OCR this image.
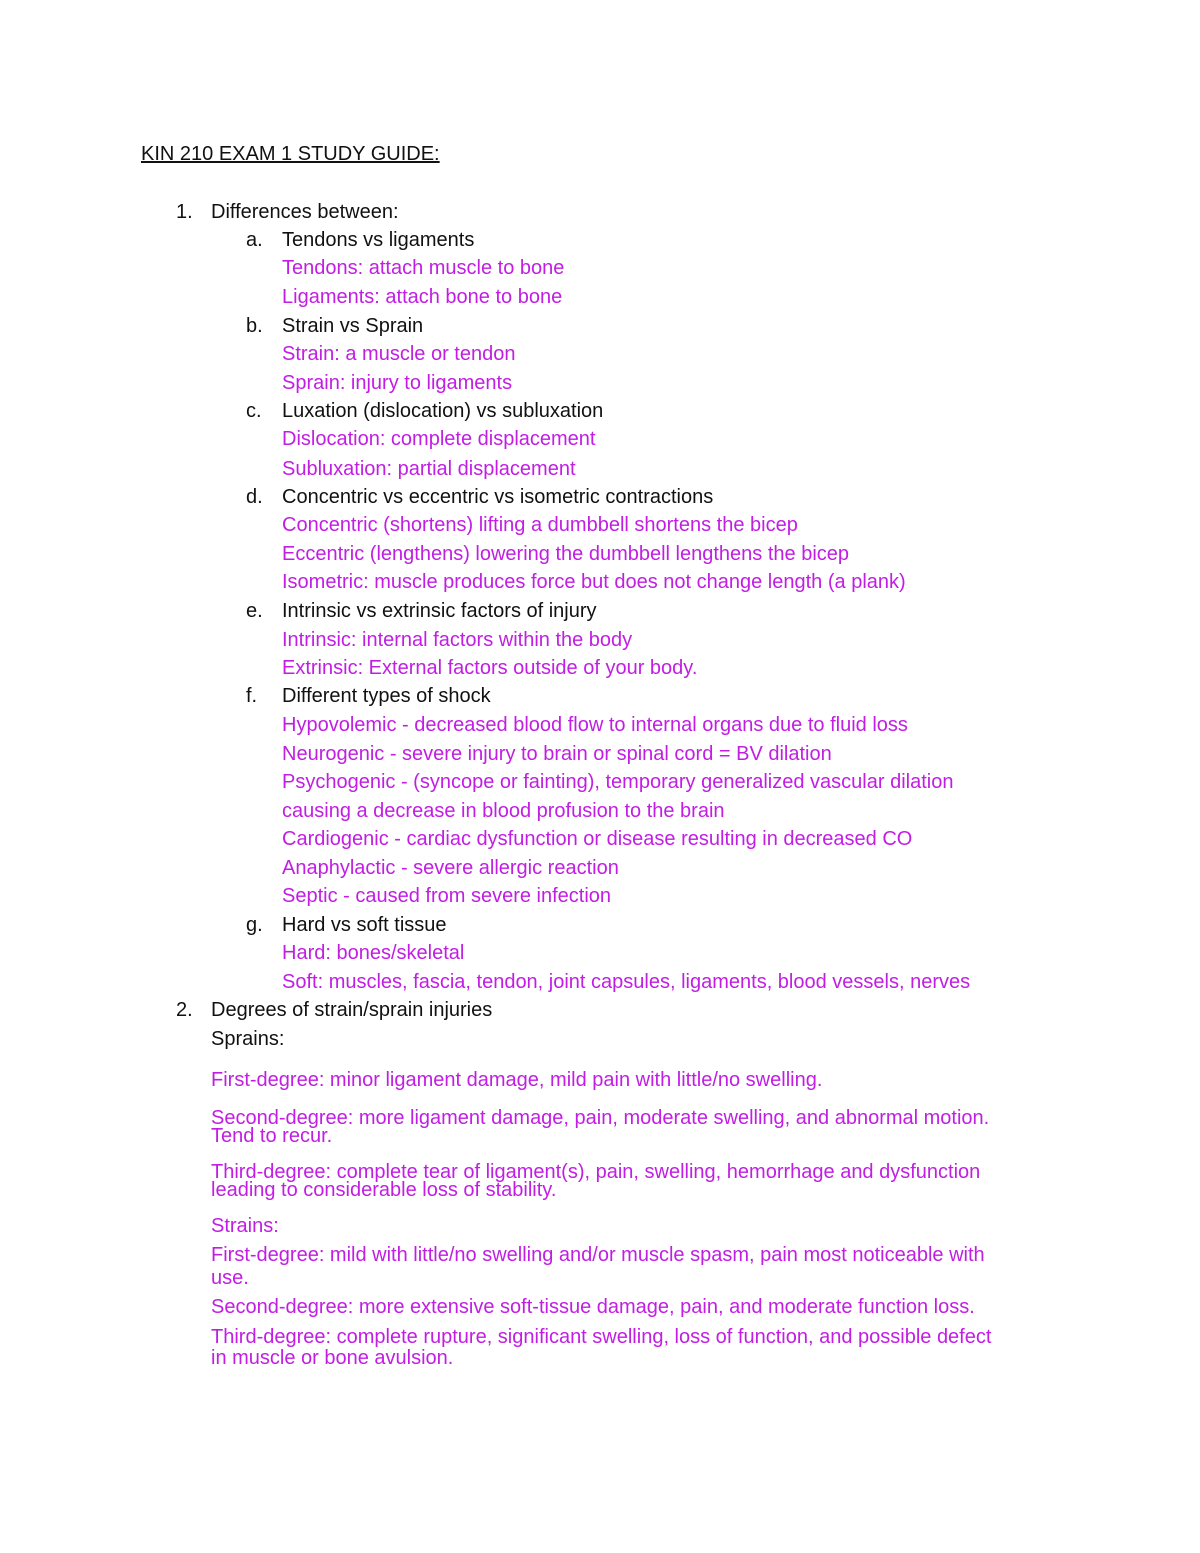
KIN 210 EXAM 1 STUDY GUIDE:
1. Differences between:
a. Tendons vs ligaments
Tendons: attach muscle to bone
Ligaments: attach bone to bone
b. Strain vs Sprain
Strain: a muscle or tendon
Sprain: injury to ligaments
c. Luxation (dislocation) vs subluxation
Dislocation: complete displacement
Subluxation: partial displacement
d. Concentric vs eccentric vs isometric contractions
Concentric (shortens) lifting a dumbbell shortens the bicep
Eccentric (lengthens) lowering the dumbbell lengthens the bicep
Isometric: muscle produces force but does not change length (a plank)
e. Intrinsic vs extrinsic factors of injury
Intrinsic: internal factors within the body
Extrinsic: External factors outside of your body.
f. Different types of shock
Hypovolemic - decreased blood flow to internal organs due to fluid loss
Neurogenic - severe injury to brain or spinal cord = BV dilation
Psychogenic - (syncope or fainting), temporary generalized vascular dilation
causing a decrease in blood profusion to the brain
Cardiogenic - cardiac dysfunction or disease resulting in decreased CO
Anaphylactic - severe allergic reaction
Septic - caused from severe infection
g. Hard vs soft tissue
Hard: bones/skeletal
Soft: muscles, fascia, tendon, joint capsules, ligaments, blood vessels, nerves
2. Degrees of strain/sprain injuries
Sprains:
First-degree: minor ligament damage, mild pain with little/no swelling.
Second-degree: more ligament damage, pain, moderate swelling, and abnormal motion.
Tend to recur.
Third-degree: complete tear of ligament(s), pain, swelling, hemorrhage and dysfunction
leading to considerable loss of stability.
Strains:
First-degree: mild with little/no swelling and/or muscle spasm, pain most noticeable with
use.
Second-degree: more extensive soft-tissue damage, pain, and moderate function loss.
Third-degree: complete rupture, significant swelling, loss of function, and possible defect
in muscle or bone avulsion.
